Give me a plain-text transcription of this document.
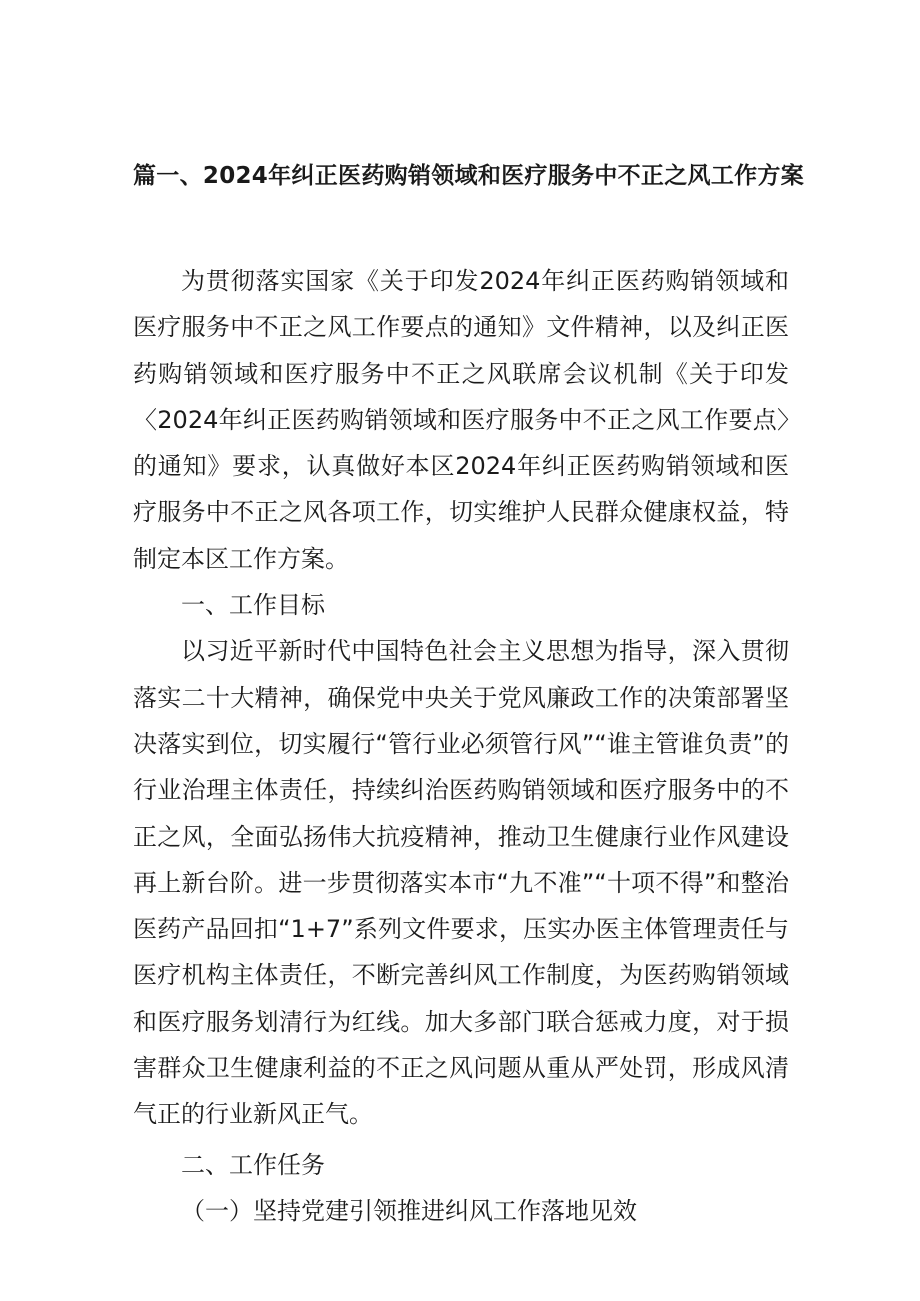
篇一、2024年纠正医药购销领域和医疗服务中不正之风工作方案

为贯彻落实国家《关于印发2024年纠正医药购销领域和医疗服务中不正之风工作要点的通知》文件精神，以及纠正医药购销领域和医疗服务中不正之风联席会议机制《关于印发〈2024年纠正医药购销领域和医疗服务中不正之风工作要点〉的通知》要求，认真做好本区2024年纠正医药购销领域和医疗服务中不正之风各项工作，切实维护人民群众健康权益，特制定本区工作方案。

一、工作目标

以习近平新时代中国特色社会主义思想为指导，深入贯彻落实二十大精神，确保党中央关于党风廉政工作的决策部署坚决落实到位，切实履行“管行业必须管行风”“谁主管谁负责”的行业治理主体责任，持续纠治医药购销领域和医疗服务中的不正之风，全面弘扬伟大抗疫精神，推动卫生健康行业作风建设再上新台阶。进一步贯彻落实本市“九不准”“十项不得”和整治医药产品回扣“1+7”系列文件要求，压实办医主体管理责任与医疗机构主体责任，不断完善纠风工作制度，为医药购销领域和医疗服务划清行为红线。加大多部门联合惩戒力度，对于损害群众卫生健康利益的不正之风问题从重从严处罚，形成风清气正的行业新风正气。

二、工作任务

（一）坚持党建引领推进纠风工作落地见效
